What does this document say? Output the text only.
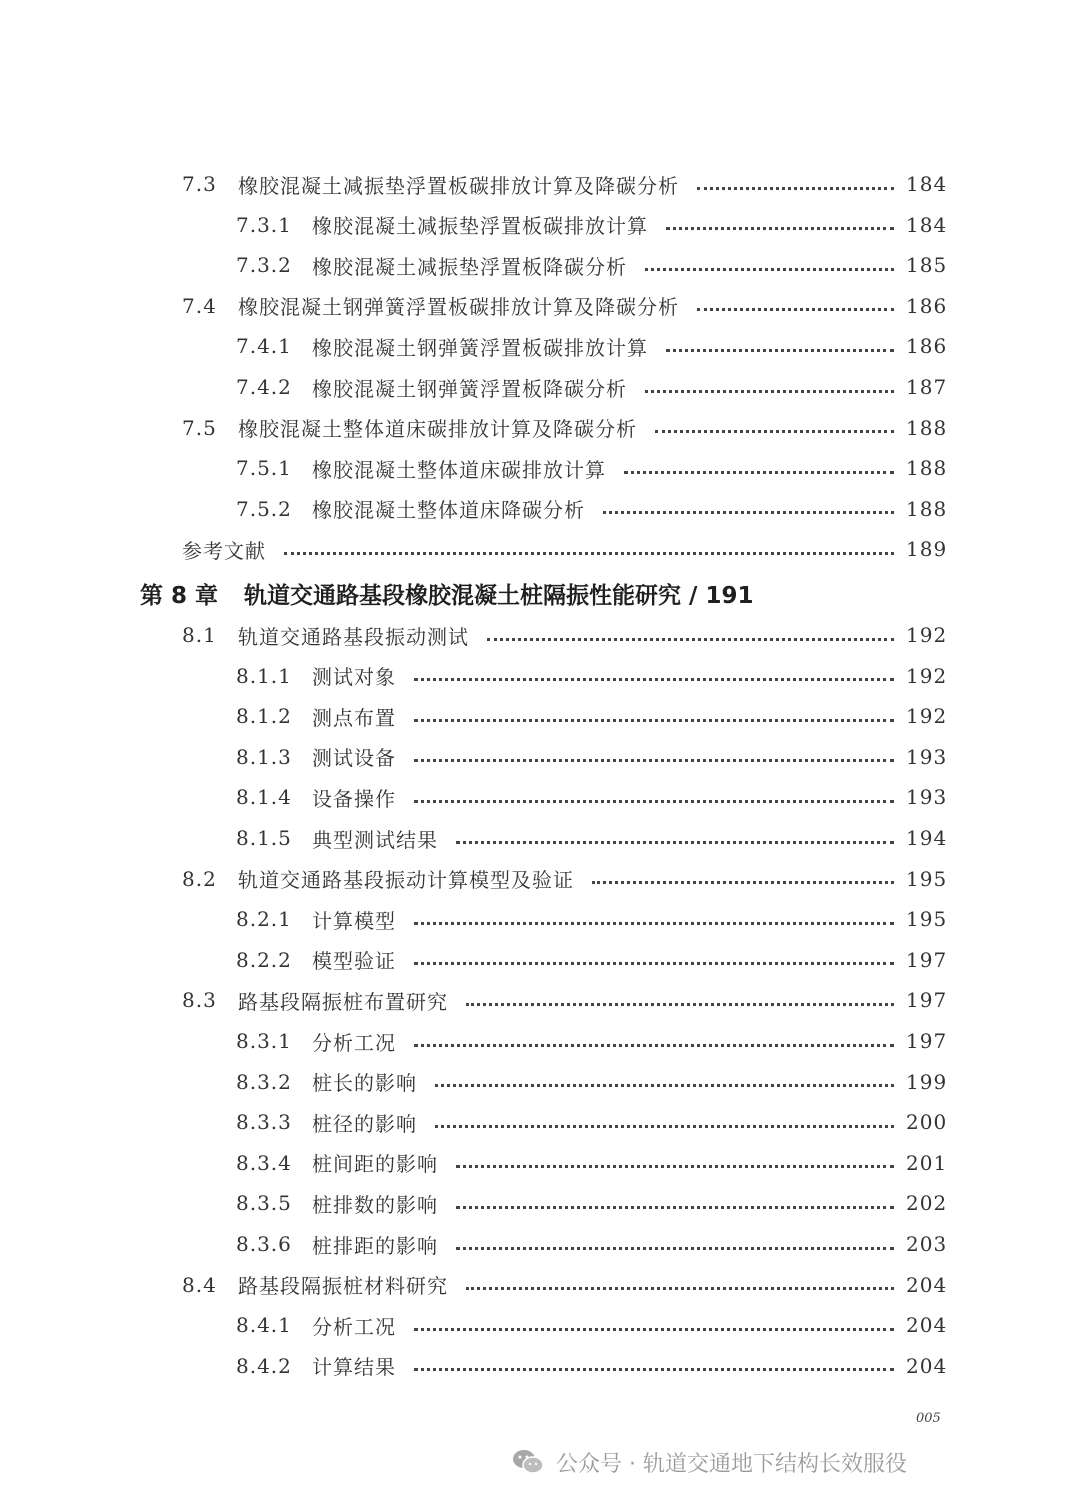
7.3	橡胶混凝土减振垫浮置板碳排放计算及降碳分析	184
7.3.1	橡胶混凝土减振垫浮置板碳排放计算	184
7.3.2	橡胶混凝土减振垫浮置板降碳分析	185
7.4	橡胶混凝土钢弹簧浮置板碳排放计算及降碳分析	186
7.4.1	橡胶混凝土钢弹簧浮置板碳排放计算	186
7.4.2	橡胶混凝土钢弹簧浮置板降碳分析	187
7.5	橡胶混凝土整体道床碳排放计算及降碳分析	188
7.5.1	橡胶混凝土整体道床碳排放计算	188
7.5.2	橡胶混凝土整体道床降碳分析	188
参考文献	189
第 8 章 轨道交通路基段橡胶混凝土桩隔振性能研究 / 191
8.1	轨道交通路基段振动测试	192
8.1.1	测试对象	192
8.1.2	测点布置	192
8.1.3	测试设备	193
8.1.4	设备操作	193
8.1.5	典型测试结果	194
8.2	轨道交通路基段振动计算模型及验证	195
8.2.1	计算模型	195
8.2.2	模型验证	197
8.3	路基段隔振桩布置研究	197
8.3.1	分析工况	197
8.3.2	桩长的影响	199
8.3.3	桩径的影响	200
8.3.4	桩间距的影响	201
8.3.5	桩排数的影响	202
8.3.6	桩排距的影响	203
8.4	路基段隔振桩材料研究	204
8.4.1	分析工况	204
8.4.2	计算结果	204
005
公众号 · 轨道交通地下结构长效服役
